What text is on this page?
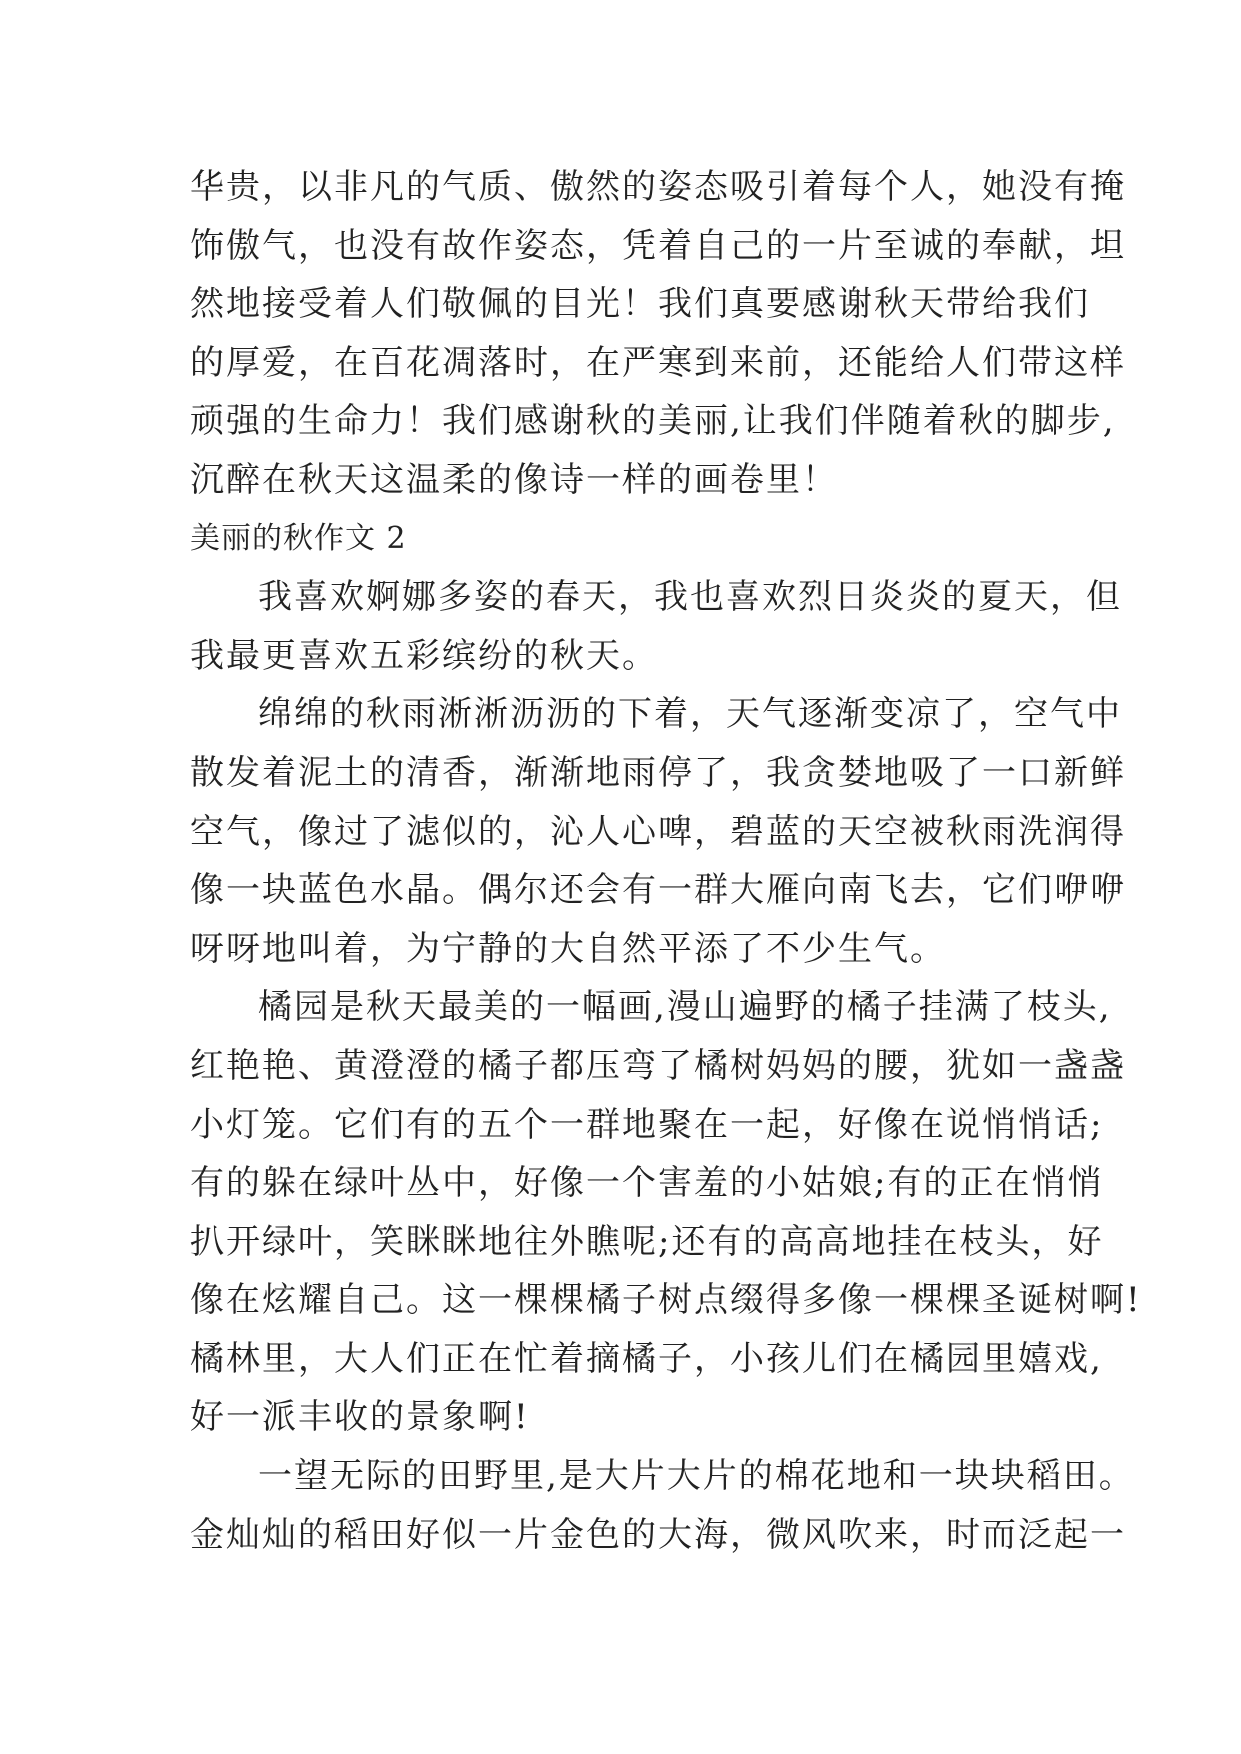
华贵，以非凡的气质、傲然的姿态吸引着每个人，她没有掩
饰傲气，也没有故作姿态，凭着自己的一片至诚的奉献，坦
然地接受着人们敬佩的目光！我们真要感谢秋天带给我们
的厚爱，在百花凋落时，在严寒到来前，还能给人们带这样
顽强的生命力！我们感谢秋的美丽,让我们伴随着秋的脚步,
沉醉在秋天这温柔的像诗一样的画卷里！
美丽的秋作文 2
我喜欢婀娜多姿的春天，我也喜欢烈日炎炎的夏天，但
我最更喜欢五彩缤纷的秋天。
绵绵的秋雨淅淅沥沥的下着，天气逐渐变凉了，空气中
散发着泥土的清香，渐渐地雨停了，我贪婪地吸了一口新鲜
空气，像过了滤似的，沁人心啤，碧蓝的天空被秋雨洗润得
像一块蓝色水晶。偶尔还会有一群大雁向南飞去，它们咿咿
呀呀地叫着，为宁静的大自然平添了不少生气。
橘园是秋天最美的一幅画,漫山遍野的橘子挂满了枝头,
红艳艳、黄澄澄的橘子都压弯了橘树妈妈的腰，犹如一盏盏
小灯笼。它们有的五个一群地聚在一起，好像在说悄悄话;
有的躲在绿叶丛中，好像一个害羞的小姑娘;有的正在悄悄
扒开绿叶，笑眯眯地往外瞧呢;还有的高高地挂在枝头，好
像在炫耀自己。这一棵棵橘子树点缀得多像一棵棵圣诞树啊!
橘林里，大人们正在忙着摘橘子，小孩儿们在橘园里嬉戏,
好一派丰收的景象啊!
一望无际的田野里,是大片大片的棉花地和一块块稻田。
金灿灿的稻田好似一片金色的大海，微风吹来，时而泛起一
